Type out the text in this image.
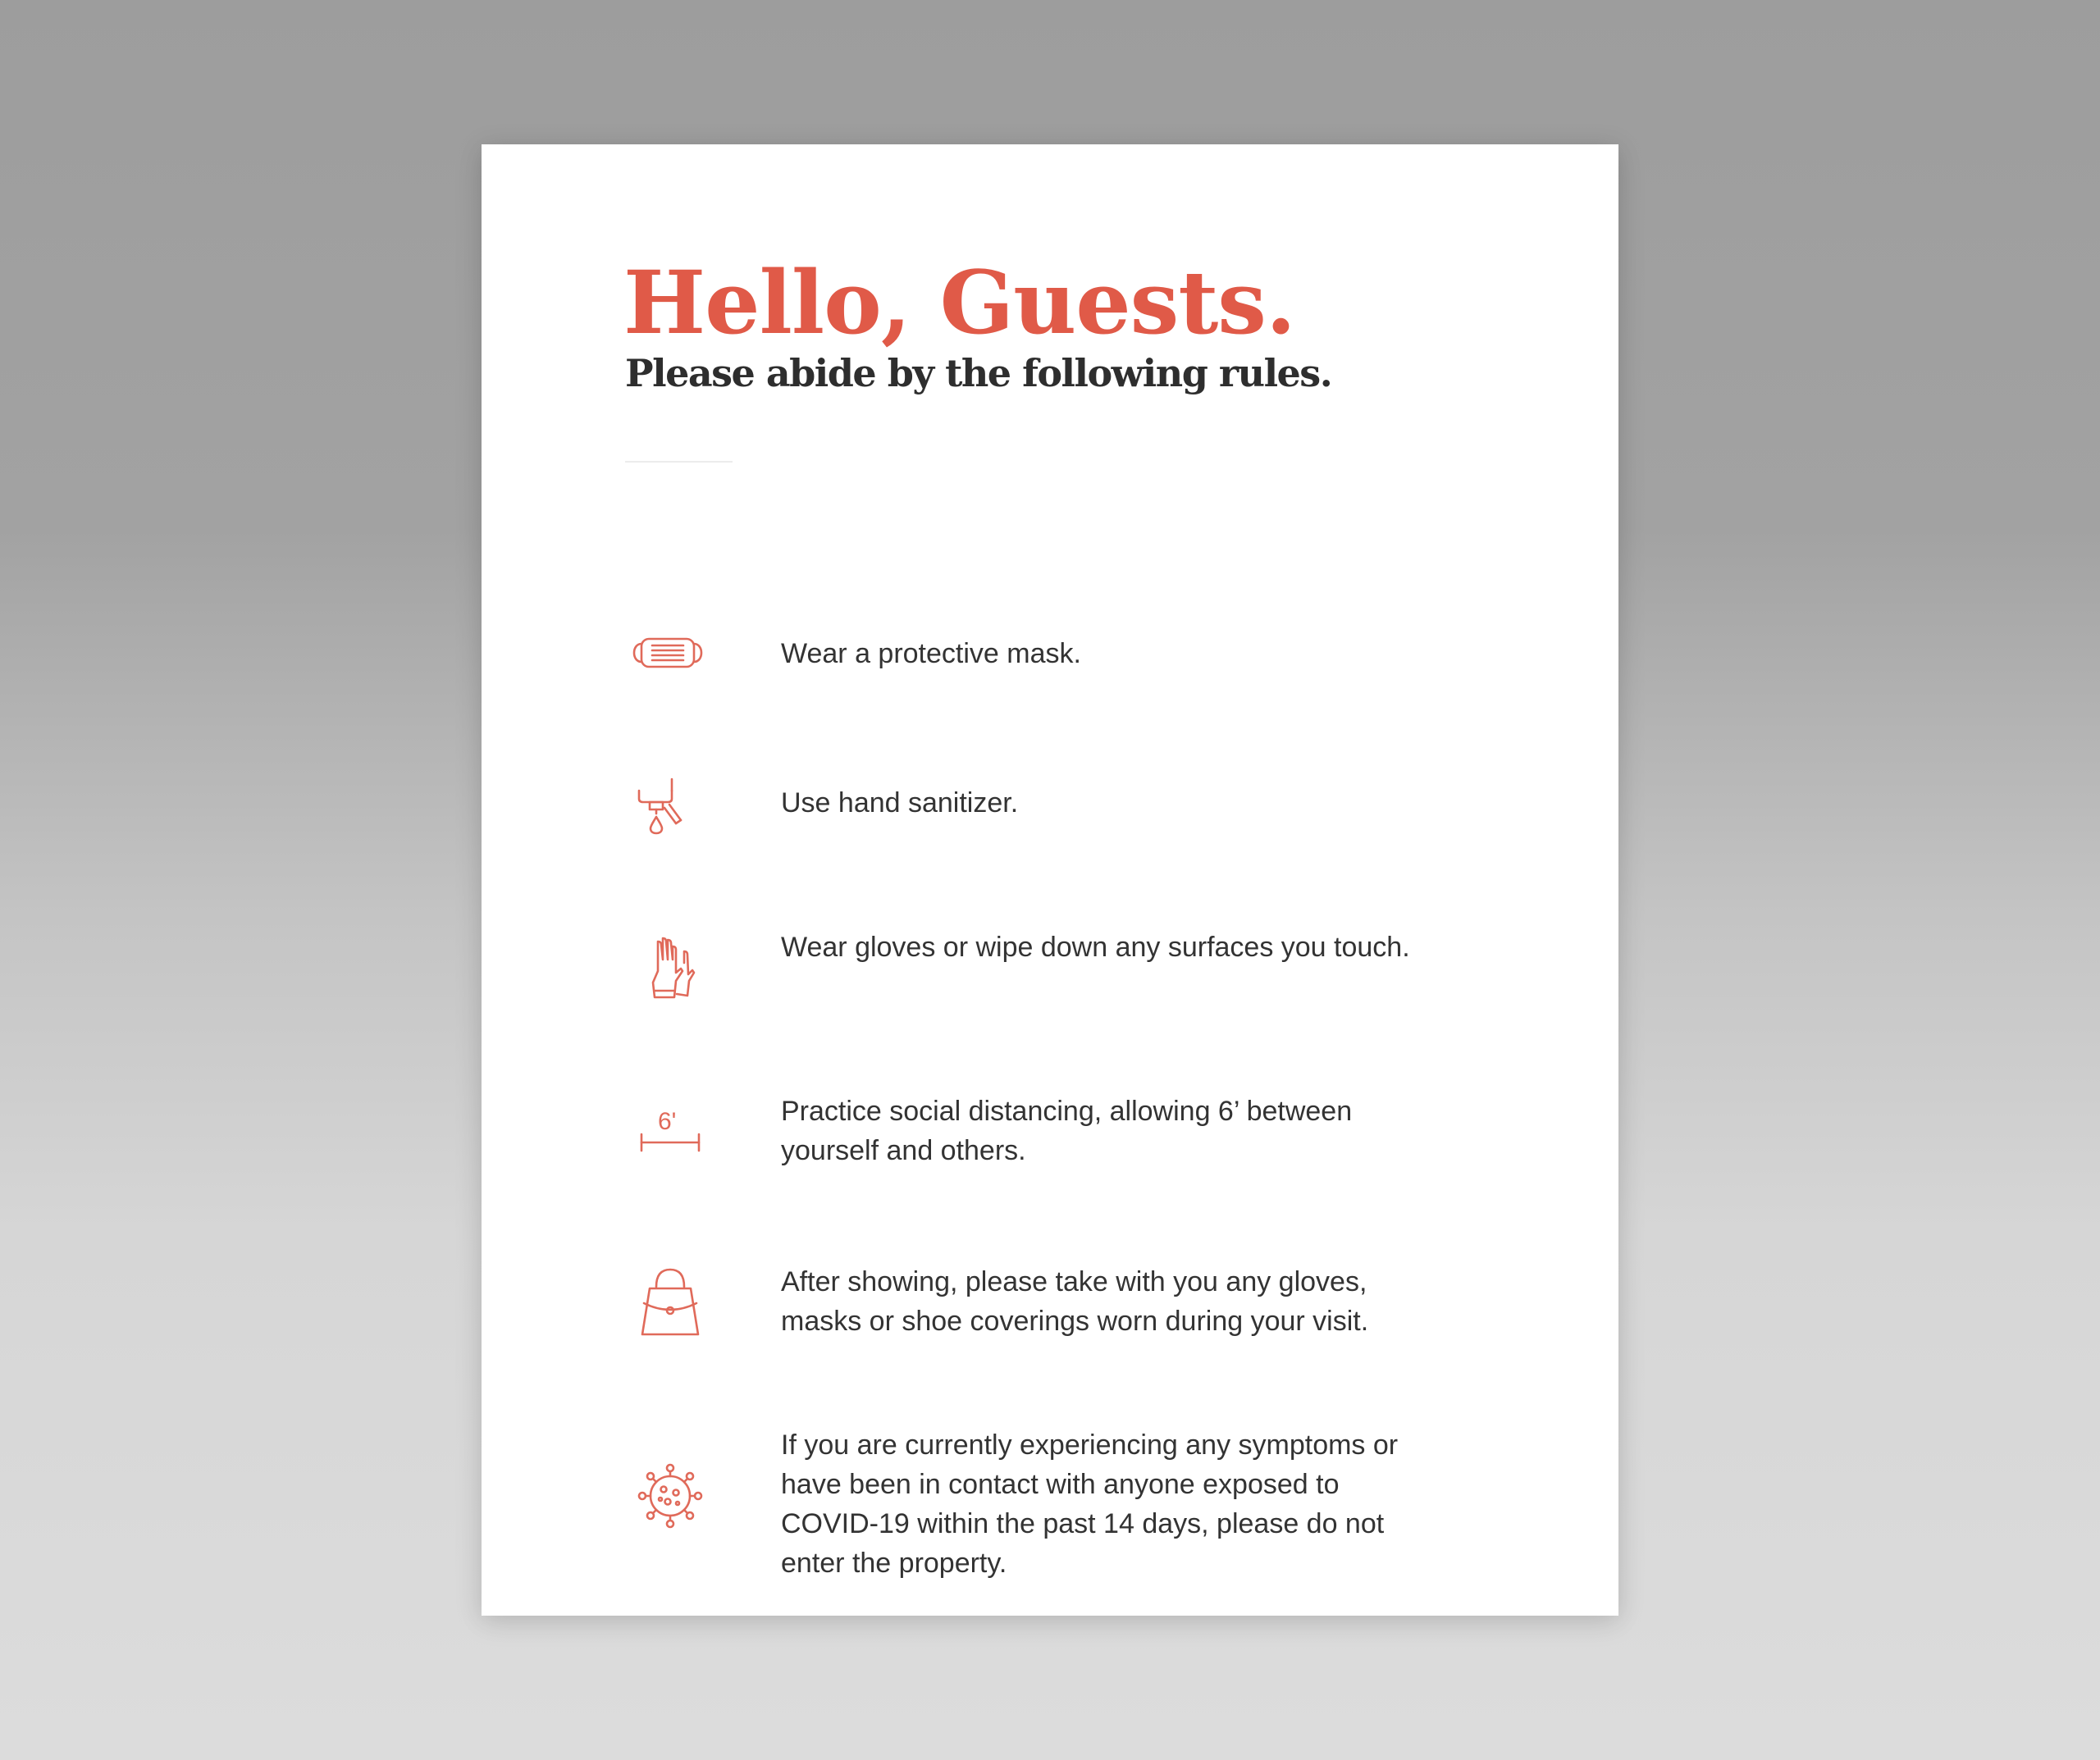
Hello, Guests.
Please abide by the following rules.
Wear a protective mask.
Use hand sanitizer.
Wear gloves or wipe down any surfaces you touch.
6'	Practice social distancing, allowing 6’ between yourself and others.
After showing, please take with you any gloves, masks or shoe coverings worn during your visit.
If you are currently experiencing any symptoms or have been in contact with anyone exposed to COVID-19 within the past 14 days, please do not enter the property.
